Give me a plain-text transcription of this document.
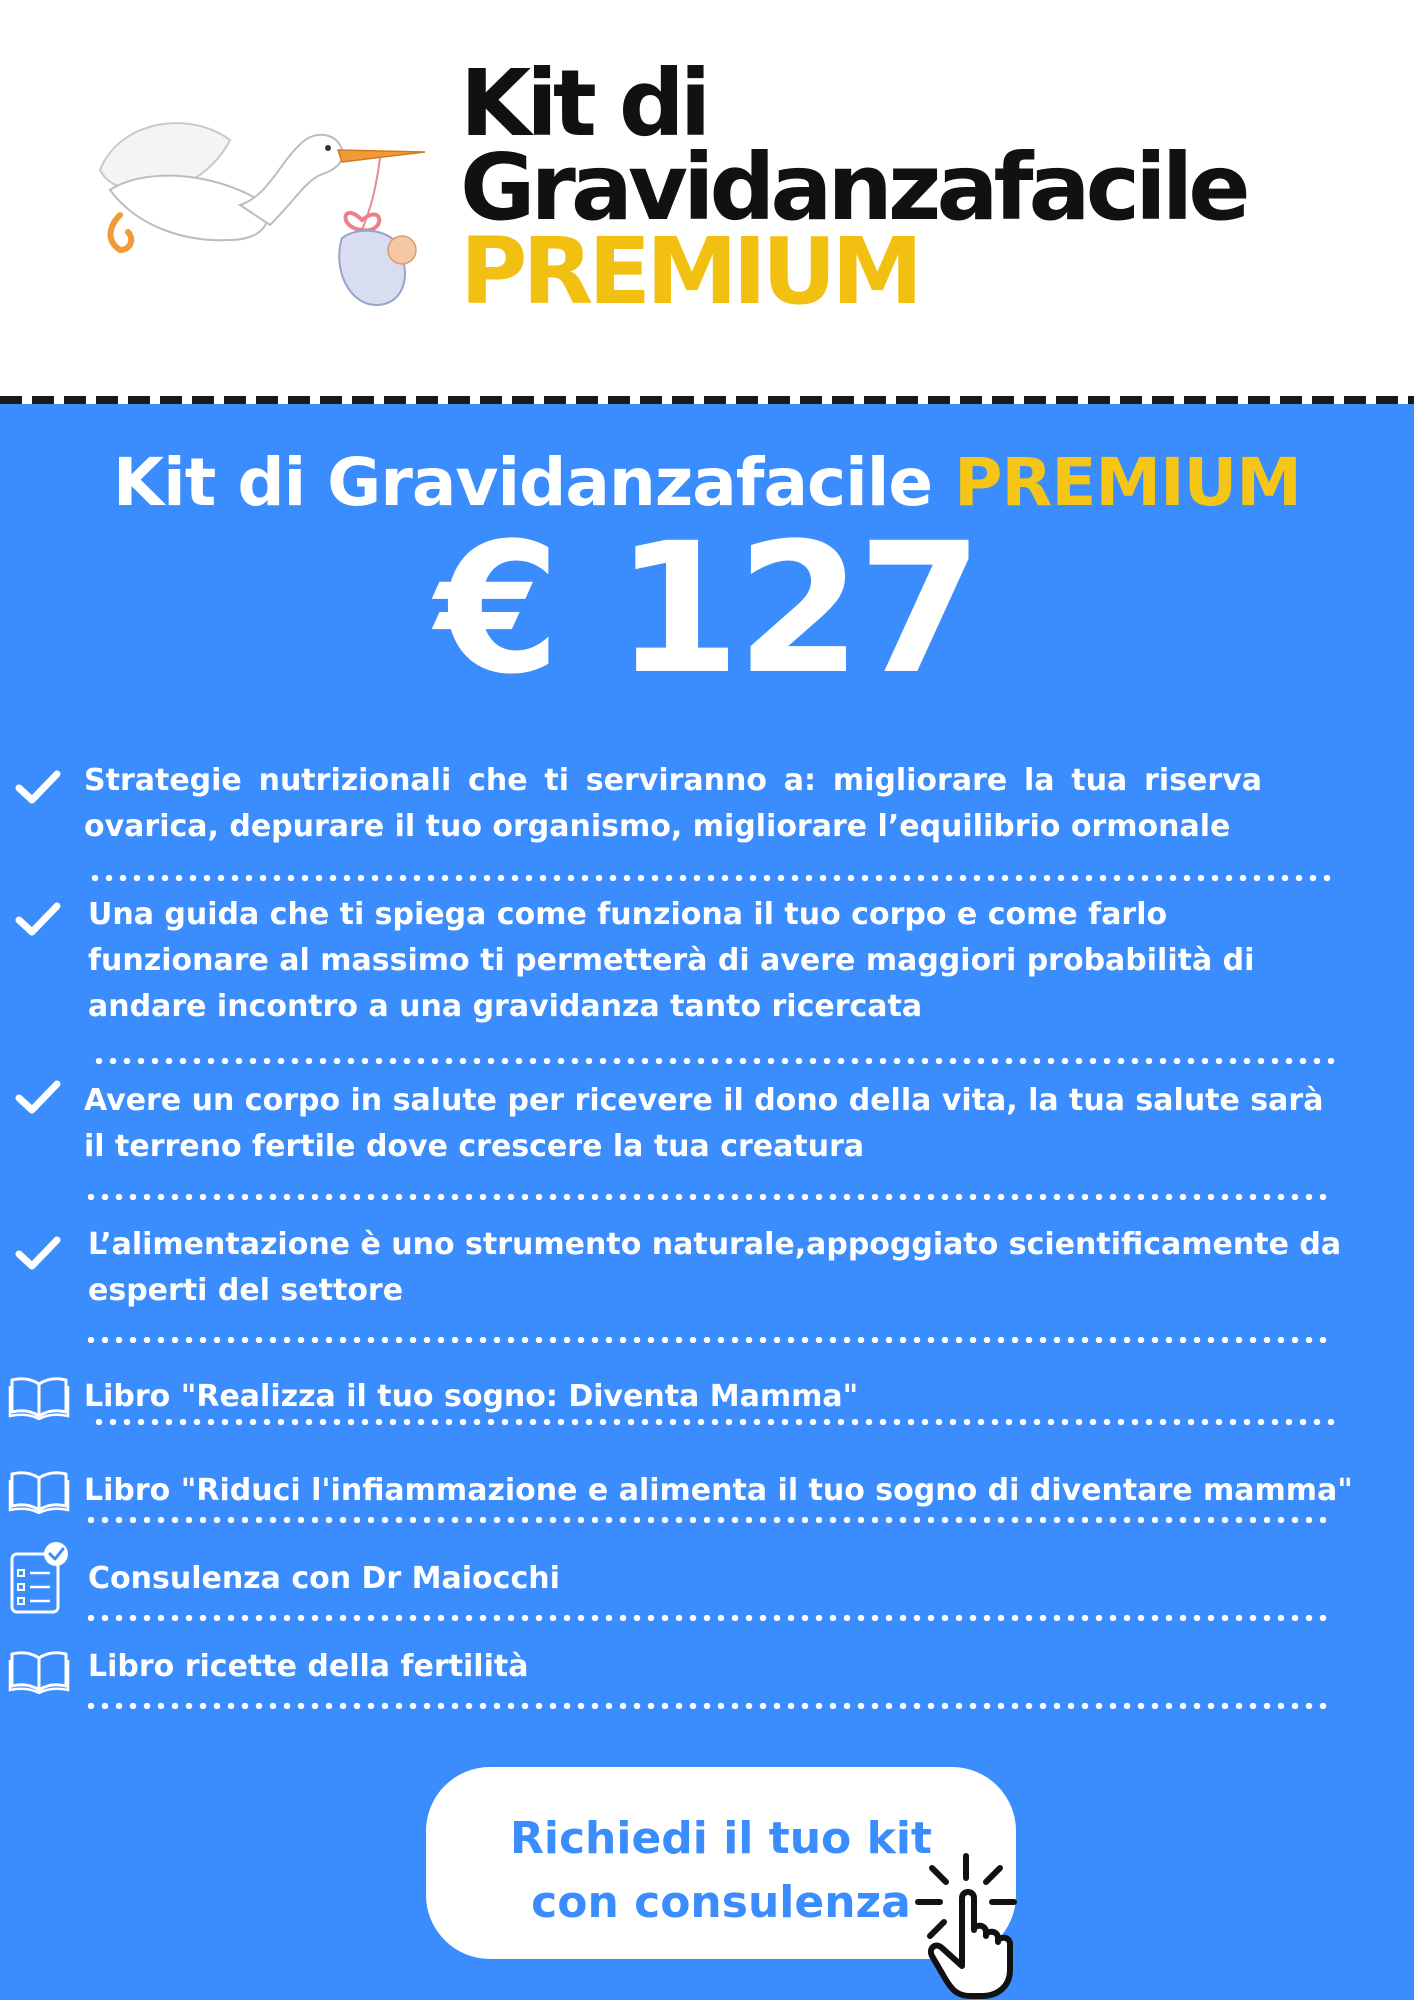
Kit di
Gravidanzafacile
PREMIUM
Kit di Gravidanzafacile PREMIUM
€ 127
Strategie nutrizionali che ti serviranno a: migliorare la tua riserva ovarica, depurare il tuo organismo, migliorare l’equilibrio ormonale
Una guida che ti spiega come funziona il tuo corpo e come farlo funzionare al massimo ti permetterà di avere maggiori probabilità di andare incontro a una gravidanza tanto ricercata
Avere un corpo in salute per ricevere il dono della vita, la tua salute sarà il terreno fertile dove crescere la tua creatura
L’alimentazione è uno strumento naturale,appoggiato scientificamente da esperti del settore
Libro "Realizza il tuo sogno: Diventa Mamma"
Libro "Riduci l'infiammazione e alimenta il tuo sogno di diventare mamma"
Consulenza con Dr Maiocchi
Libro ricette della fertilità
Richiedi il tuo kit
con consulenza
